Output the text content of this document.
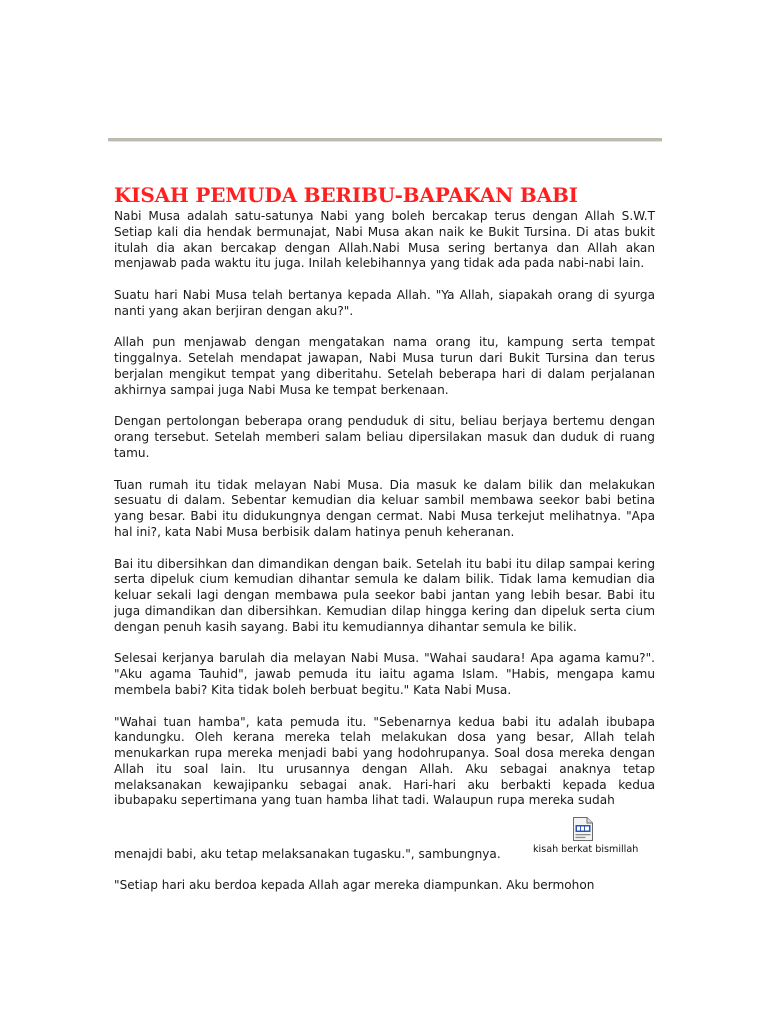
KISAH PEMUDA BERIBU-BAPAKAN BABI

Nabi Musa adalah satu-satunya Nabi yang boleh bercakap terus dengan Allah S.W.T Setiap kali dia hendak bermunajat, Nabi Musa akan naik ke Bukit Tursina. Di atas bukit itulah dia akan bercakap dengan Allah.Nabi Musa sering bertanya dan Allah akan menjawab pada waktu itu juga. Inilah kelebihannya yang tidak ada pada nabi-nabi lain.

Suatu hari Nabi Musa telah bertanya kepada Allah. "Ya Allah, siapakah orang di syurga nanti yang akan berjiran dengan aku?".

Allah pun menjawab dengan mengatakan nama orang itu, kampung serta tempat tinggalnya. Setelah mendapat jawapan, Nabi Musa turun dari Bukit Tursina dan terus berjalan mengikut tempat yang diberitahu. Setelah beberapa hari di dalam perjalanan akhirnya sampai juga Nabi Musa ke tempat berkenaan.

Dengan pertolongan beberapa orang penduduk di situ, beliau berjaya bertemu dengan orang tersebut. Setelah memberi salam beliau dipersilakan masuk dan duduk di ruang tamu.

Tuan rumah itu tidak melayan Nabi Musa. Dia masuk ke dalam bilik dan melakukan sesuatu di dalam. Sebentar kemudian dia keluar sambil membawa seekor babi betina yang besar. Babi itu didukungnya dengan cermat. Nabi Musa terkejut melihatnya. "Apa hal ini?, kata Nabi Musa berbisik dalam hatinya penuh keheranan.

Bai itu dibersihkan dan dimandikan dengan baik. Setelah itu babi itu dilap sampai kering serta dipeluk cium kemudian dihantar semula ke dalam bilik. Tidak lama kemudian dia keluar sekali lagi dengan membawa pula seekor babi jantan yang lebih besar. Babi itu juga dimandikan dan dibersihkan. Kemudian dilap hingga kering dan dipeluk serta cium dengan penuh kasih sayang. Babi itu kemudiannya dihantar semula ke bilik.

Selesai kerjanya barulah dia melayan Nabi Musa. "Wahai saudara! Apa agama kamu?". "Aku agama Tauhid", jawab pemuda itu iaitu agama Islam. "Habis, mengapa kamu membela babi? Kita tidak boleh berbuat begitu." Kata Nabi Musa.

"Wahai tuan hamba", kata pemuda itu. "Sebenarnya kedua babi itu adalah ibubapa kandungku. Oleh kerana mereka telah melakukan dosa yang besar, Allah telah menukarkan rupa mereka menjadi babi yang hodohrupanya. Soal dosa mereka dengan Allah itu soal lain. Itu urusannya dengan Allah. Aku sebagai anaknya tetap melaksanakan kewajipanku sebagai anak. Hari-hari aku berbakti kepada kedua ibubapaku sepertimana yang tuan hamba lihat tadi. Walaupun rupa mereka sudah

menajdi babi, aku tetap melaksanakan tugasku.", sambungnya.	kisah berkat bismillah

"Setiap hari aku berdoa kepada Allah agar mereka diampunkan. Aku bermohon
